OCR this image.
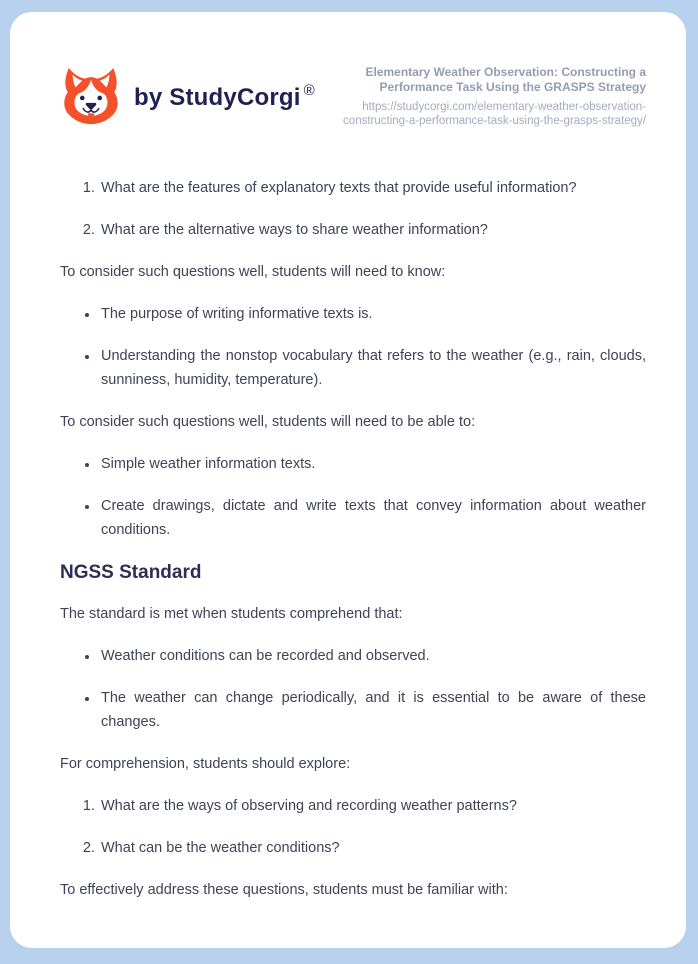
by StudyCorgi ®

Elementary Weather Observation: Constructing a Performance Task Using the GRASPS Strategy

https://studycorgi.com/elementary-weather-observation-constructing-a-performance-task-using-the-grasps-strategy/
1. What are the features of explanatory texts that provide useful information?
2. What are the alternative ways to share weather information?

To consider such questions well, students will need to know:

• The purpose of writing informative texts is.
• Understanding the nonstop vocabulary that refers to the weather (e.g., rain, clouds, sunniness, humidity, temperature).

To consider such questions well, students will need to be able to:

• Simple weather information texts.
• Create drawings, dictate and write texts that convey information about weather conditions.
NGSS Standard

The standard is met when students comprehend that:

• Weather conditions can be recorded and observed.
• The weather can change periodically, and it is essential to be aware of these changes.

For comprehension, students should explore:

1. What are the ways of observing and recording weather patterns?
2. What can be the weather conditions?

To effectively address these questions, students must be familiar with:
